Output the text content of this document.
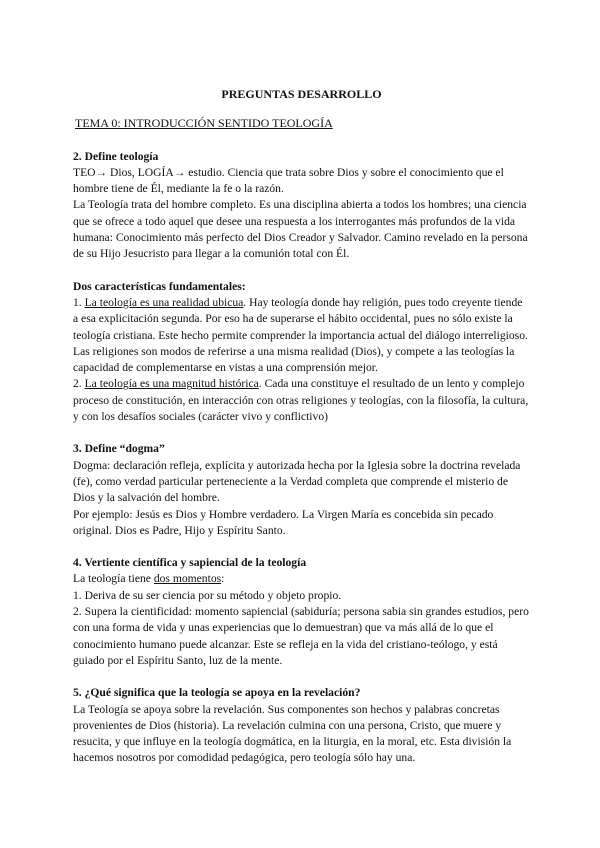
PREGUNTAS DESARROLLO

TEMA 0: INTRODUCCIÓN SENTIDO TEOLOGÍA

2. Define teología

TEO→ Dios, LOGÍA→ estudio. Ciencia que trata sobre Dios y sobre el conocimiento que el hombre tiene de Él, mediante la fe o la razón.

La Teología trata del hombre completo. Es una disciplina abierta a todos los hombres; una ciencia que se ofrece a todo aquel que desee una respuesta a los interrogantes más profundos de la vida humana: Conocimiento más perfecto del Dios Creador y Salvador. Camino revelado en la persona de su Hijo Jesucristo para llegar a la comunión total con Él.

Dos características fundamentales:

1. La teología es una realidad ubicua. Hay teología donde hay religión, pues todo creyente tiende a esa explicitación segunda. Por eso ha de superarse el hábito occidental, pues no sólo existe la teología cristiana. Este hecho permite comprender la importancia actual del diálogo interreligioso. Las religiones son modos de referirse a una misma realidad (Dios), y compete a las teologías la capacidad de complementarse en vistas a una comprensión mejor.

2. La teología es una magnitud histórica. Cada una constituye el resultado de un lento y complejo proceso de constitución, en interacción con otras religiones y teologías, con la filosofía, la cultura, y con los desafíos sociales (carácter vivo y conflictivo)

3. Define “dogma”

Dogma: declaración refleja, explícita y autorizada hecha por la Iglesia sobre la doctrina revelada (fe), como verdad particular perteneciente a la Verdad completa que comprende el misterio de Dios y la salvación del hombre.

Por ejemplo: Jesús es Dios y Hombre verdadero. La Virgen María es concebida sin pecado original. Dios es Padre, Hijo y Espíritu Santo.

4. Vertiente científica y sapiencial de la teología

La teología tiene dos momentos:

1. Deriva de su ser ciencia por su método y objeto propio.

2. Supera la cientificidad: momento sapiencial (sabiduría; persona sabia sin grandes estudios, pero con una forma de vida y unas experiencias que lo demuestran) que va más allá de lo que el conocimiento humano puede alcanzar. Este se refleja en la vida del cristiano-teólogo, y está guiado por el Espíritu Santo, luz de la mente.

5. ¿Qué significa que la teología se apoya en la revelación?

La Teología se apoya sobre la revelación. Sus componentes son hechos y palabras concretas provenientes de Dios (historia). La revelación culmina con una persona, Cristo, que muere y resucita, y que influye en la teología dogmática, en la liturgia, en la moral, etc. Esta división la hacemos nosotros por comodidad pedagógica, pero teología sólo hay una.
